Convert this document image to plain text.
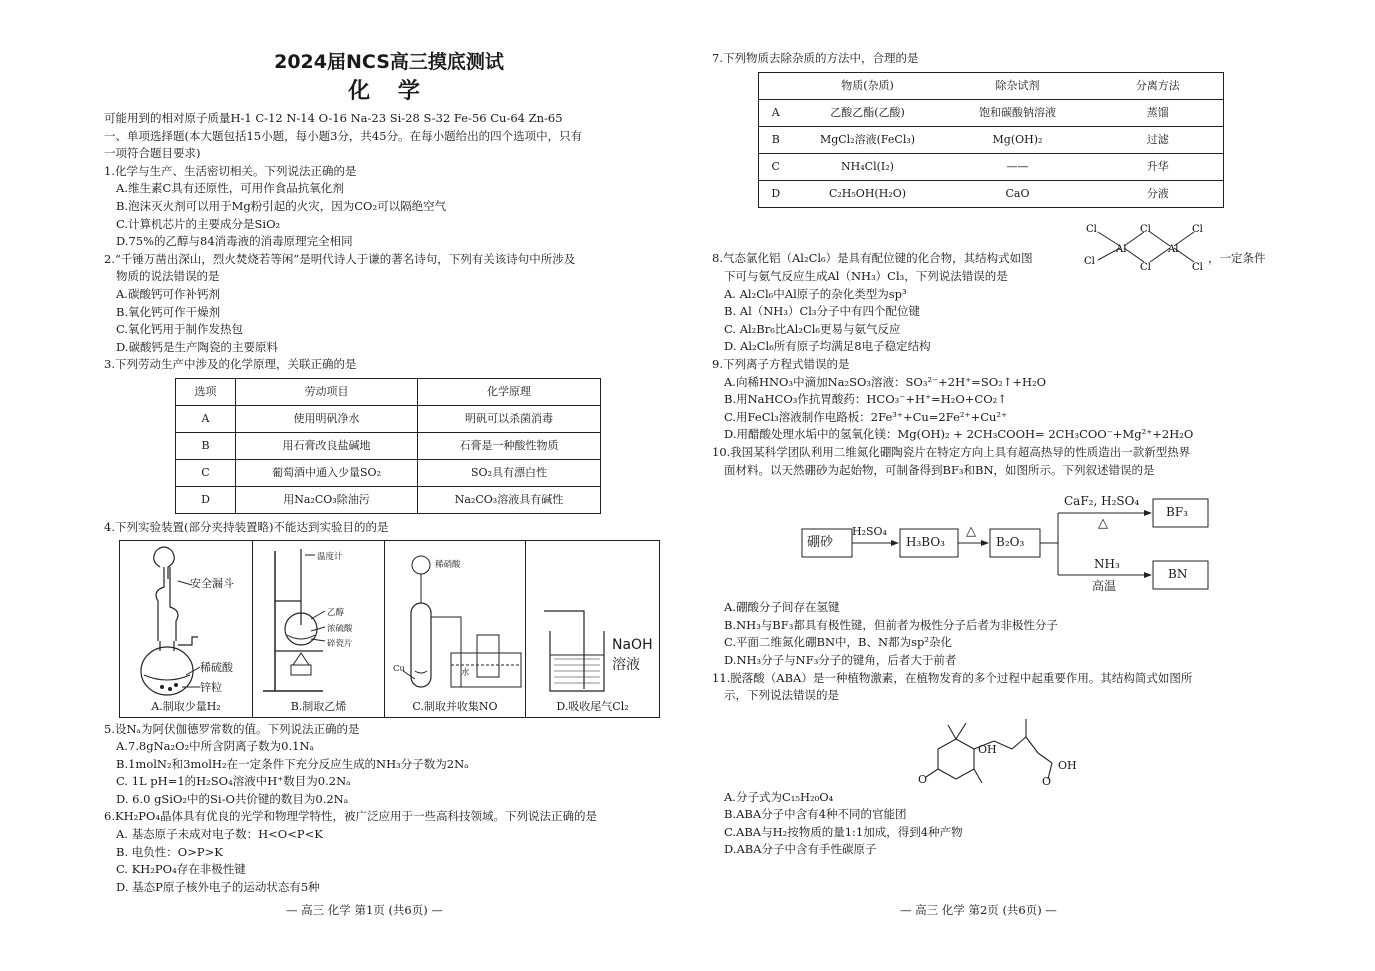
2024届NCS高三摸底测试
化 学
可能用到的相对原子质量H-1 C-12 N-14 O-16 Na-23 Si-28 S-32 Fe-56 Cu-64 Zn-65
一、单项选择题(本大题包括15小题，每小题3分，共45分。在每小题给出的四个选项中，只有
一项符合题目要求)
1.化学与生产、生活密切相关。下列说法正确的是
A.维生素C具有还原性，可用作食品抗氧化剂
B.泡沫灭火剂可以用于Mg粉引起的火灾，因为CO₂可以隔绝空气
C.计算机芯片的主要成分是SiO₂
D.75%的乙醇与84消毒液的消毒原理完全相同
2.“千锤万凿出深山，烈火焚烧若等闲”是明代诗人于谦的著名诗句，下列有关该诗句中所涉及
物质的说法错误的是
A.碳酸钙可作补钙剂
B.氧化钙可作干燥剂
C.氧化钙用于制作发热包
D.碳酸钙是生产陶瓷的主要原料
3.下列劳动生产中涉及的化学原理，关联正确的是
选项	劳动项目	化学原理
A	使用明矾净水	明矾可以杀菌消毒
B	用石膏改良盐碱地	石膏是一种酸性物质
C	葡萄酒中通入少量SO₂	SO₂具有漂白性
D	用Na₂CO₃除油污	Na₂CO₃溶液具有碱性
4.下列实验装置(部分夹持装置略)不能达到实验目的的是
安全漏斗
稀硫酸
锌粒
A.制取少量H₂
温度计
乙醇
浓硫酸
碎瓷片
B.制取乙烯
稀硝酸
Cu	水
C.制取并收集NO
NaOH
溶液
D.吸收尾气Cl₂
5.设Nₐ为阿伏伽德罗常数的值。下列说法正确的是
A.7.8gNa₂O₂中所含阴离子数为0.1Nₐ
B.1molN₂和3molH₂在一定条件下充分反应生成的NH₃分子数为2Nₐ
C. 1L pH=1的H₂SO₄溶液中H⁺数目为0.2Nₐ
D. 6.0 gSiO₂中的Si-O共价键的数目为0.2Nₐ
6.KH₂PO₄晶体具有优良的光学和物理学特性，被广泛应用于一些高科技领域。下列说法正确的是
A. 基态原子未成对电子数：H<O<P<K
B. 电负性：O>P>K
C. KH₂PO₄存在非极性键
D. 基态P原子核外电子的运动状态有5种
— 高三 化学 第1页 (共6页) —
7.下列物质去除杂质的方法中，合理的是
	物质(杂质)	除杂试剂	分离方法
A	乙酸乙酯(乙酸)	饱和碳酸钠溶液	蒸馏
B	MgCl₂溶液(FeCl₃)	Mg(OH)₂	过滤
C	NH₄Cl(I₂)	——	升华
D	C₂H₅OH(H₂O)	CaO	分液
8.气态氯化铝（Al₂Cl₆）是具有配位键的化合物，其结构式如图
Cl
Cl
Al
Cl
Cl
Al
Cl
Cl
，一定条件
下可与氨气反应生成Al（NH₃）Cl₃，下列说法错误的是
A. Al₂Cl₆中Al原子的杂化类型为sp³
B. Al（NH₃）Cl₃分子中有四个配位键
C. Al₂Br₆比Al₂Cl₆更易与氨气反应
D. Al₂Cl₆所有原子均满足8电子稳定结构
9.下列离子方程式错误的是
A.向稀HNO₃中滴加Na₂SO₃溶液：SO₃²⁻+2H⁺=SO₂↑+H₂O
B.用NaHCO₃作抗胃酸药：HCO₃⁻+H⁺=H₂O+CO₂↑
C.用FeCl₃溶液制作电路板：2Fe³⁺+Cu=2Fe²⁺+Cu²⁺
D.用醋酸处理水垢中的氢氧化镁：Mg(OH)₂ + 2CH₃COOH= 2CH₃COO⁻+Mg²⁺+2H₂O
10.我国某科学团队利用二维氮化硼陶瓷片在特定方向上具有超高热导的性质造出一款新型热界
面材料。以天然硼砂为起始物，可制备得到BF₃和BN，如图所示。下列叙述错误的是
硼砂
H₂SO₄
H₃BO₃
△
B₂O₃
CaF₂, H₂SO₄
△
BF₃
NH₃
高温
BN
A.硼酸分子间存在氢键
B.NH₃与BF₃都具有极性键，但前者为极性分子后者为非极性分子
C.平面二维氮化硼BN中，B、N都为sp²杂化
D.NH₃分子与NF₃分子的键角，后者大于前者
11.脱落酸（ABA）是一种植物激素，在植物发育的多个过程中起重要作用。其结构简式如图所
示，下列说法错误的是
OH
O
OH
O
A.分子式为C₁₅H₂₀O₄
B.ABA分子中含有4种不同的官能团
C.ABA与H₂按物质的量1:1加成，得到4种产物
D.ABA分子中含有手性碳原子
— 高三 化学 第2页 (共6页) —
